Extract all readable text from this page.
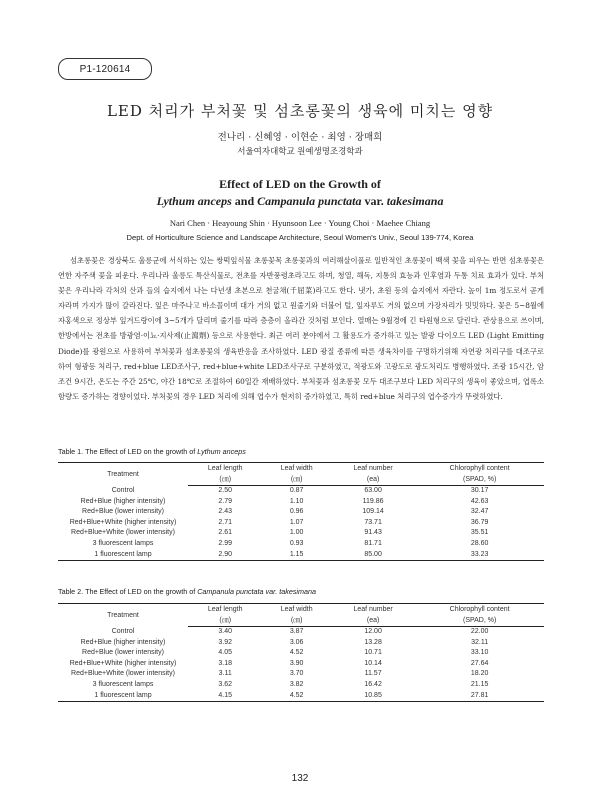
P1-120614
LED 처리가 부처꽃 및 섬초롱꽃의 생육에 미치는 영향
전나리 · 신혜영 · 이현순 · 최영 · 장매희
서울여자대학교 원예생명조경학과
Effect of LED on the Growth of
Lythum anceps and Campanula punctata var. takesimana
Nari Chen · Heayoung Shin · Hyunsoon Lee · Young Choi · Maehee Chiang
Dept. of Horticulture Science and Landscape Architecture, Seoul Women's Univ., Seoul 139-774, Korea

섬초롱꽃은 경상북도 울릉군에 서식하는 있는 쌍떡잎식물 초롱꽃목 초롱꽃과의 여러해살이풀로 일반적인 초롱꽃이 백색 꽃을 피우는 반면 섬초롱꽃은 연한 자주색 꽃을 피운다. 우리나라 울릉도 특산식물로, 전초를 자반풍령초라고도 하며, 청열, 해독, 지통의 효능과 인후염과 두통 치료 효과가 있다. 부처꽃은 우리나라 각처의 산과 들의 습지에서 나는 다년생 초본으로 천굴채(千屈菜)라고도 한다. 냇가, 초원 등의 습지에서 자란다. 높이 1m 정도로서 곧게 자라며 가지가 많이 갈라진다. 잎은 마주나고 바소꼴이며 대가 거의 없고 원줄기와 더불어 털, 잎자루도 거의 없으며 가장자리가 밋밋하다. 꽃은 5~8월에 자홍색으로 정상부 잎겨드랑이에 3~5개가 달리며 줄기를 따라 층층이 올라간 것처럼 보인다. 열매는 9월경에 긴 타원형으로 달린다. 관상용으로 쓰이며, 한방에서는 전초를 방광염·이뇨·지사제(止瀉劑) 등으로 사용한다. 최근 여러 분야에서 그 활용도가 증가하고 있는 발광 다이오드 LED (Light Emitting Diode)를 광원으로 사용하여 부처꽃과 섬초롱꽃의 생육반응을 조사하였다. LED 광질 종류에 따른 생육차이를 구명하기위해 자연광 처리구를 대조구로 하여 형광등 처리구, red+blue LED조사구, red+blue+white LED조사구로 구분하였고, 적광도와 고광도로 광도처리도 병행하였다. 조광 15시간, 암조건 9시간, 온도는 주간 25℃, 야간 18℃로 조절하여 60일간 재배하였다. 부처꽃과 섬초롱꽃 모두 대조구보다 LED 처리구의 생육이 좋았으며, 엽록소함량도 증가하는 경향이었다. 부처꽃의 경우 LED 처리에 의해 엽수가 현저히 증가하였고, 특히 red+blue 처리구의 엽수증가가 뚜렷하였다.

Table 1. The Effect of LED on the growth of Lythum anceps
Treatment	Leaf length	Leaf width	Leaf number	Chlorophyll content
	(㎝)	(㎝)	(ea)	(SPAD, %)
Control	2.50	0.87	63.00	30.17
Red+Blue (higher intensity)	2.79	1.10	119.86	42.63
Red+Blue (lower intensity)	2.43	0.96	109.14	32.47
Red+Blue+White (higher intensity)	2.71	1.07	73.71	36.79
Red+Blue+White (lower intensity)	2.61	1.00	91.43	35.51
3 fluorescent lamps	2.99	0.93	81.71	28.60
1 fluorescent lamp	2.90	1.15	85.00	33.23
Table 2. The Effect of LED on the growth of Campanula punctata var. takesimana
Treatment	Leaf length	Leaf width	Leaf number	Chlorophyll content
	(㎝)	(㎝)	(ea)	(SPAD, %)
Control	3.40	3.87	12.00	22.00
Red+Blue (higher intensity)	3.92	3.06	13.28	32.11
Red+Blue (lower intensity)	4.05	4.52	10.71	33.10
Red+Blue+White (higher intensity)	3.18	3.90	10.14	27.64
Red+Blue+White (lower intensity)	3.11	3.70	11.57	18.20
3 fluorescent lamps	3.62	3.82	16.42	21.15
1 fluorescent lamp	4.15	4.52	10.85	27.81
132
